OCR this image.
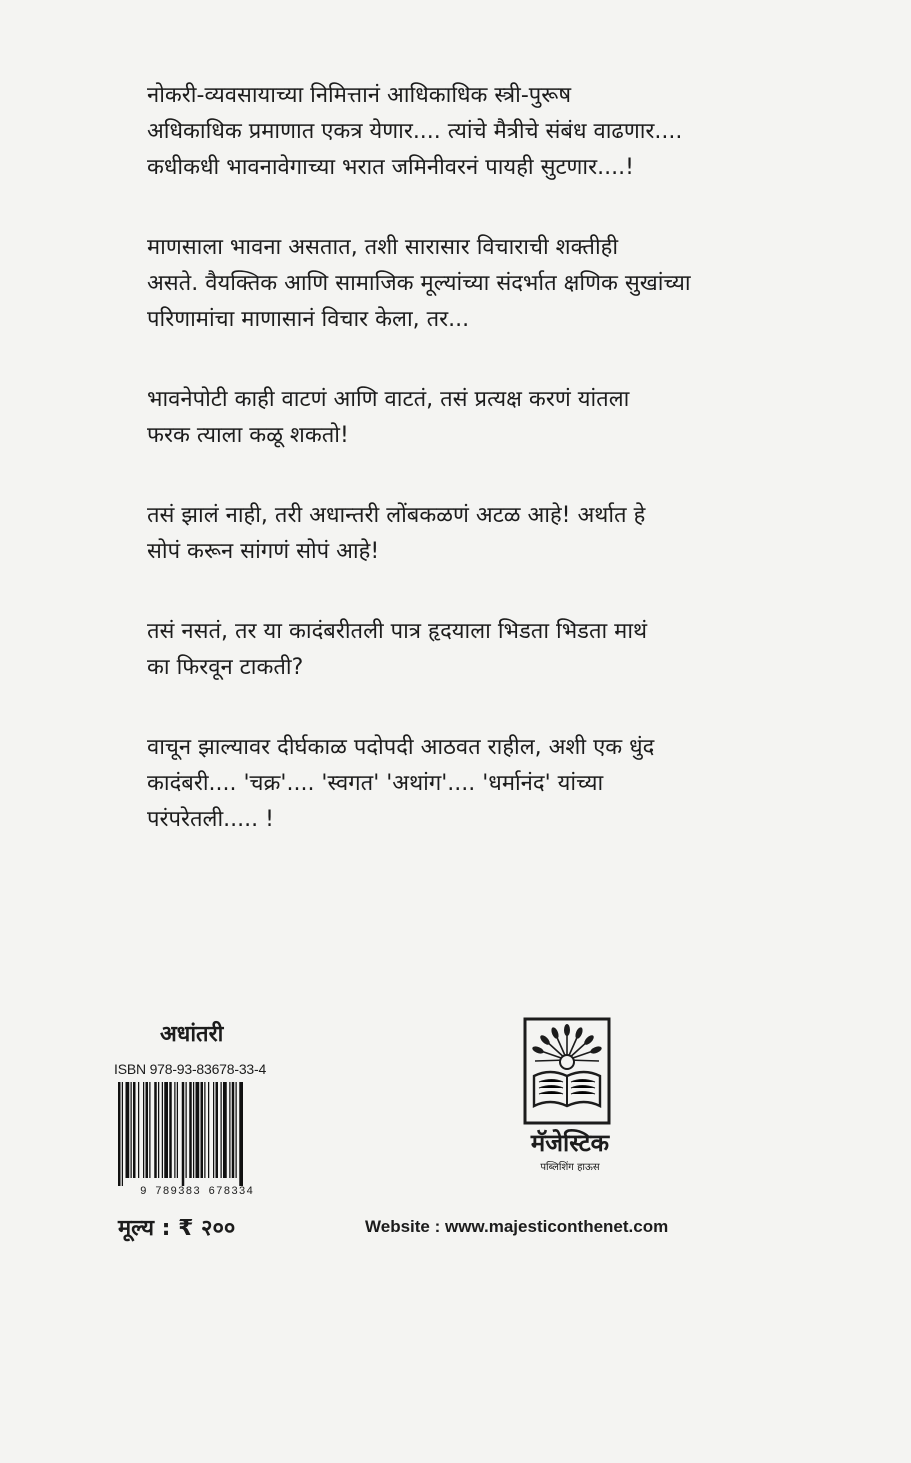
नोकरी-व्यवसायाच्या निमित्तानं आधिकाधिक स्त्री-पुरूष
अधिकाधिक प्रमाणात एकत्र येणार.... त्यांचे मैत्रीचे संबंध वाढणार....
कधीकधी भावनावेगाच्या भरात जमिनीवरनं पायही सुटणार....!

माणसाला भावना असतात, तशी सारासार विचाराची शक्तीही
असते. वैयक्तिक आणि सामाजिक मूल्यांच्या संदर्भात क्षणिक सुखांच्या
परिणामांचा माणासानं विचार केला, तर...

भावनेपोटी काही वाटणं आणि वाटतं, तसं प्रत्यक्ष करणं यांतला
फरक त्याला कळू शकतो!

तसं झालं नाही, तरी अधान्तरी लोंबकळणं अटळ आहे! अर्थात हे
सोपं करून सांगणं सोपं आहे!

तसं नसतं, तर या कादंबरीतली पात्र हृदयाला भिडता भिडता माथं
का फिरवून टाकती?

वाचून झाल्यावर दीर्घकाळ पदोपदी आठवत राहील, अशी एक धुंद
कादंबरी.... 'चक्र'.... 'स्वगत' 'अथांग'.... 'धर्मानंद' यांच्या
परंपरेतली..... !

अधांतरी
ISBN 978-93-83678-33-4
9 789383 678334
मूल्य : ₹ २००
मॅजेस्टिक
पब्लिशिंग हाऊस
Website : www.majesticonthenet.com
